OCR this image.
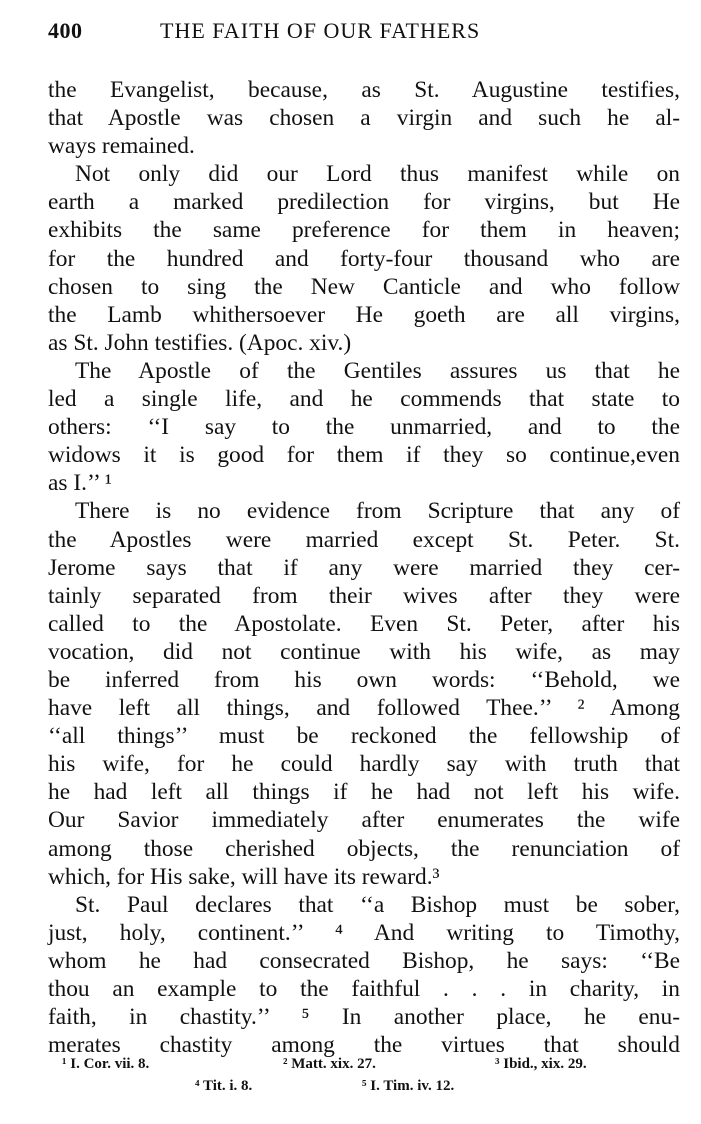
400	THE FAITH OF OUR FATHERS
the Evangelist, because, as St. Augustine testifies,
that Apostle was chosen a virgin and such he al-
ways remained.
Not only did our Lord thus manifest while on
earth a marked predilection for virgins, but He
exhibits the same preference for them in heaven;
for the hundred and forty-four thousand who are
chosen to sing the New Canticle and who follow
the Lamb whithersoever He goeth are all virgins,
as St. John testifies. (Apoc. xiv.)
The Apostle of the Gentiles assures us that he
led a single life, and he commends that state to
others: ‘‘I say to the unmarried, and to the
widows it is good for them if they so continue,even
as I.’’ ¹
There is no evidence from Scripture that any of
the Apostles were married except St. Peter. St.
Jerome says that if any were married they cer-
tainly separated from their wives after they were
called to the Apostolate. Even St. Peter, after his
vocation, did not continue with his wife, as may
be inferred from his own words: ‘‘Behold, we
have left all things, and followed Thee.’’ ² Among
‘‘all things’’ must be reckoned the fellowship of
his wife, for he could hardly say with truth that
he had left all things if he had not left his wife.
Our Savior immediately after enumerates the wife
among those cherished objects, the renunciation of
which, for His sake, will have its reward.³
St. Paul declares that ‘‘a Bishop must be sober,
just, holy, continent.’’ ⁴ And writing to Timothy,
whom he had consecrated Bishop, he says: ‘‘Be
thou an example to the faithful . . . in charity, in
faith, in chastity.’’ ⁵ In another place, he enu-
merates chastity among the virtues that should
¹ I. Cor. vii. 8.	² Matt. xix. 27.	³ Ibid., xix. 29.
⁴ Tit. i. 8.	⁵ I. Tim. iv. 12.
